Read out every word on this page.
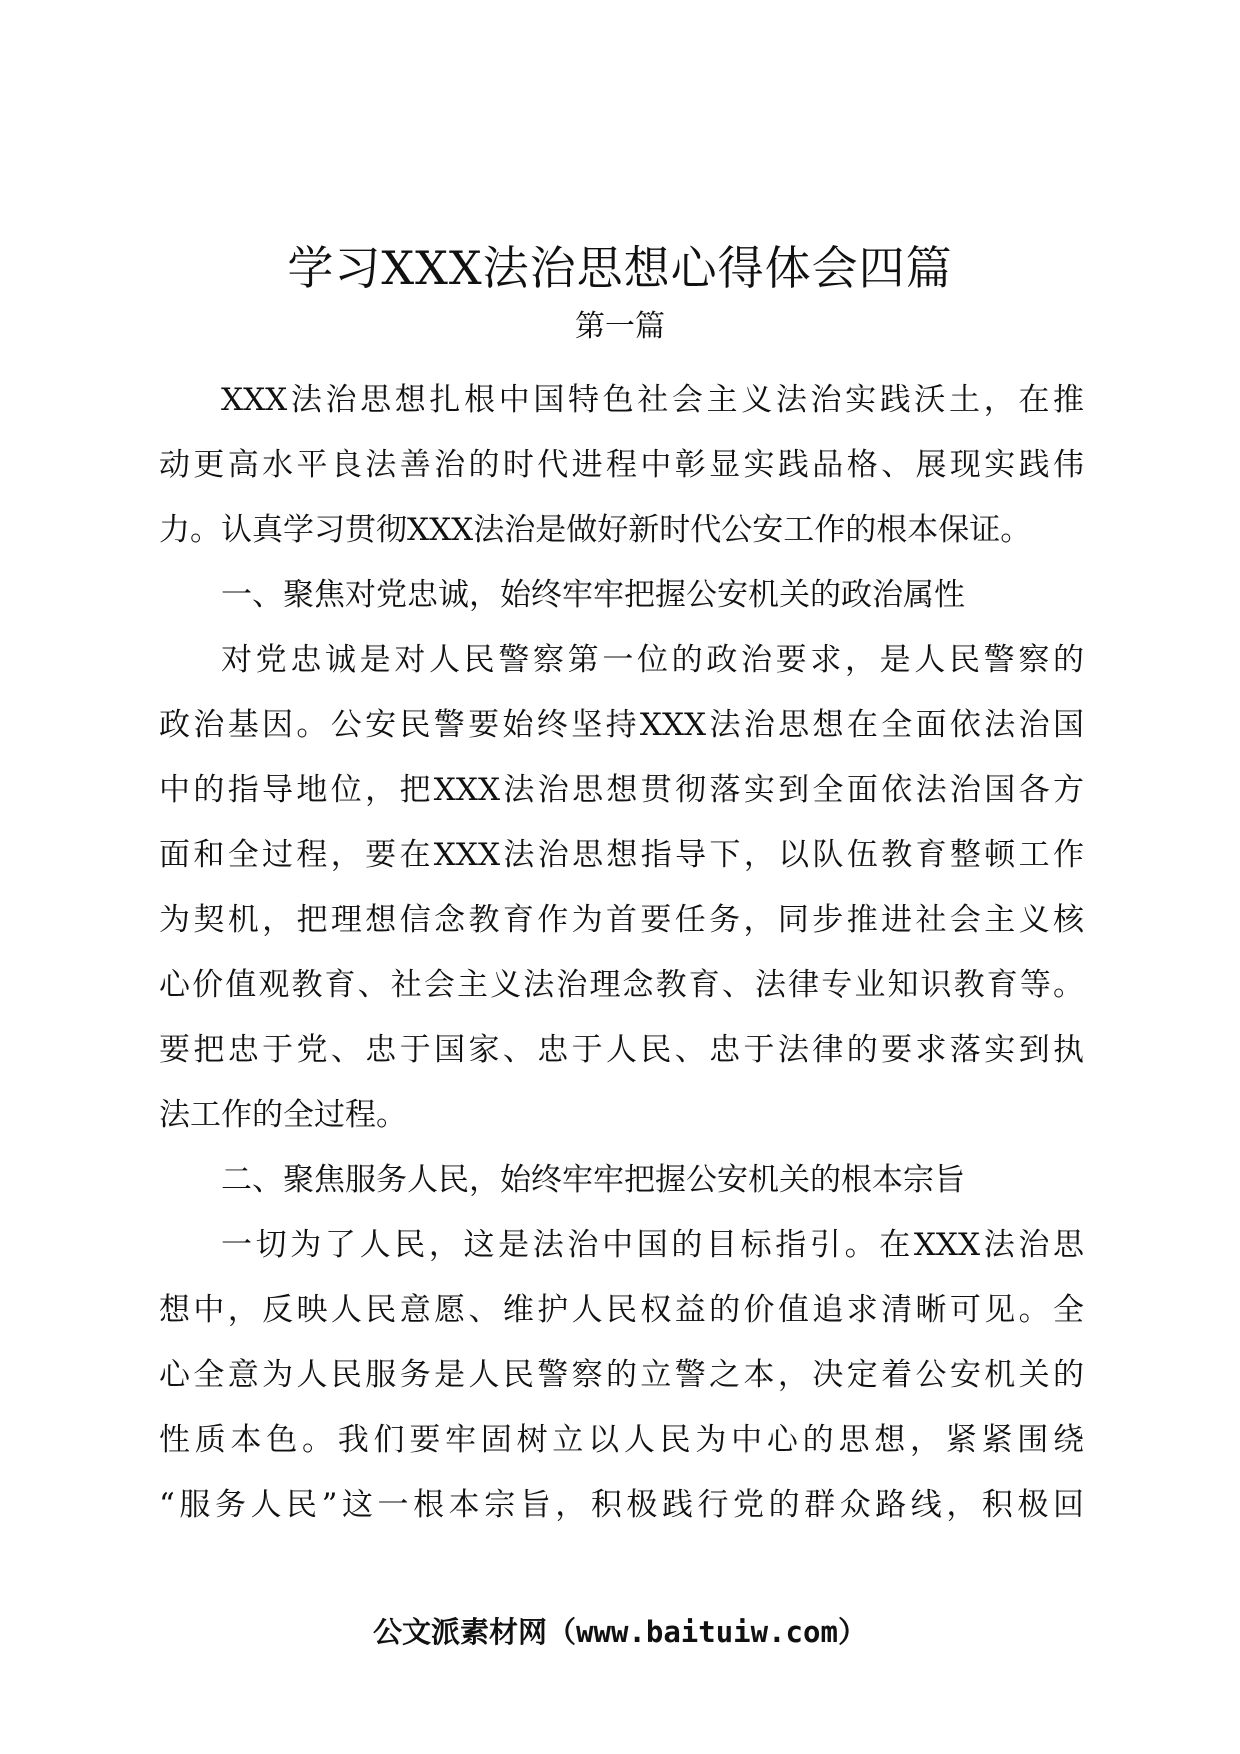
学习XXX法治思想心得体会四篇
第一篇

XXX法治思想扎根中国特色社会主义法治实践沃土，在推
动更高水平良法善治的时代进程中彰显实践品格、展现实践伟
力。认真学习贯彻XXX法治是做好新时代公安工作的根本保证。

一、聚焦对党忠诚，始终牢牢把握公安机关的政治属性

对党忠诚是对人民警察第一位的政治要求，是人民警察的
政治基因。公安民警要始终坚持XXX法治思想在全面依法治国
中的指导地位，把XXX法治思想贯彻落实到全面依法治国各方
面和全过程，要在XXX法治思想指导下，以队伍教育整顿工作
为契机，把理想信念教育作为首要任务，同步推进社会主义核
心价值观教育、社会主义法治理念教育、法律专业知识教育等。
要把忠于党、忠于国家、忠于人民、忠于法律的要求落实到执
法工作的全过程。

二、聚焦服务人民，始终牢牢把握公安机关的根本宗旨

一切为了人民，这是法治中国的目标指引。在XXX法治思
想中，反映人民意愿、维护人民权益的价值追求清晰可见。全
心全意为人民服务是人民警察的立警之本，决定着公安机关的
性质本色。我们要牢固树立以人民为中心的思想，紧紧围绕
“服务人民”这一根本宗旨，积极践行党的群众路线，积极回

公文派素材网（www.baituiw.com）
